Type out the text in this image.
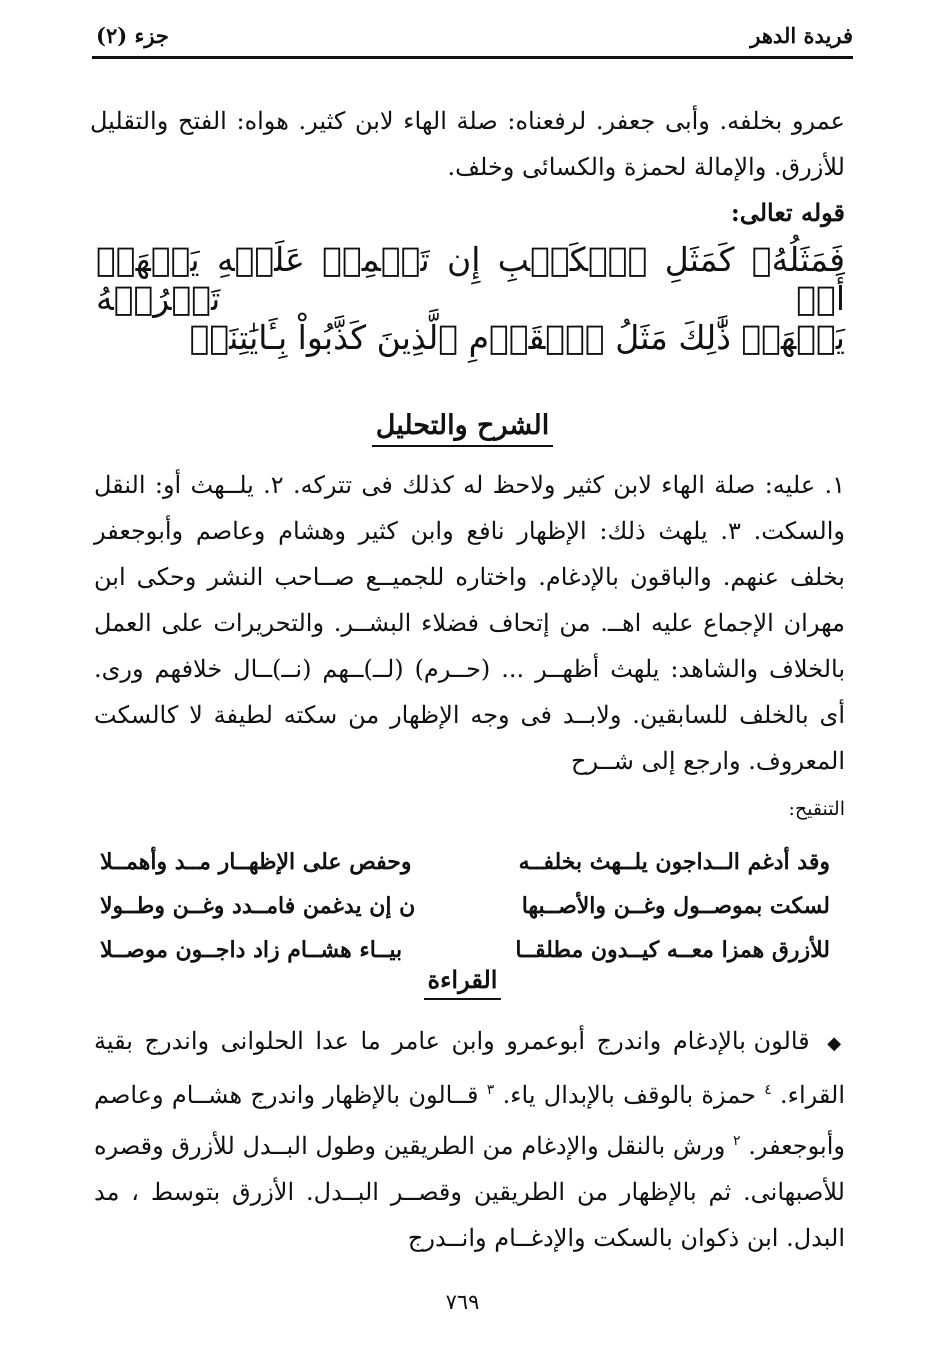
فريدة الدهر
جزء (٢)
عمرو بخلفه. وأبى جعفر. لرفعناه: صلة الهاء لابن كثير. هواه: الفتح والتقليل للأزرق. والإمالة لحمزة والكسائى وخلف.
قوله تعالى:
فَمَثَلُهُۥ كَمَثَلِ ٱلۡكَلۡبِ إِن تَحۡمِلۡ عَلَيۡهِ يَلۡهَثۡ أَوۡ تَتۡرُكۡهُ
يَلۡهَثۚ ذَّٰلِكَ مَثَلُ ٱلۡقَوۡمِ ٱلَّذِينَ كَذَّبُواْ بِـَٔايَٰتِنَاۚ
الشرح والتحليل
١. عليه: صلة الهاء لابن كثير ولاحظ له كذلك فى تتركه. ٢. يلــهث أو: النقل والسكت. ٣. يلهث ذلك: الإظهار نافع وابن كثير وهشام وعاصم وأبوجعفر بخلف عنهم. والباقون بالإدغام. واختاره للجميــع صــاحب النشر وحكى ابن مهران الإجماع عليه اهــ. من إتحاف فضلاء البشــر. والتحريرات على العمل بالخلاف والشاهد: يلهث أظهــر ... (حــرم) (لــ)ــهم (نــ)ــال خلافهم ورى. أى بالخلف للسابقين. ولابــد فى وجه الإظهار من سكته لطيفة لا كالسكت المعروف. وارجع إلى شــرح
التنقيح:
وقد أدغم الــداجون يلــهث بخلفــه
وحفص على الإظهــار مــد وأهمــلا
لسكت بموصــول وغــن والأصــبها
ن إن يدغمن فامــدد وغــن وطــولا
للأزرق همزا معــه كيــدون مطلقــا
بيــاء هشــام زاد داجــون موصــلا
القراءة
◆ قالون بالإدغام واندرج أبوعمرو وابن عامر ما عدا الحلوانى واندرج بقية القراء. $^٤$ حمزة بالوقف بالإبدال ياء. $^٣$ قــالون بالإظهار واندرج هشــام وعاصم وأبوجعفر. $^٢$ ورش بالنقل والإدغام من الطريقين وطول البــدل للأزرق وقصره للأصبهانى. ثم بالإظهار من الطريقين وقصــر البــدل. الأزرق بتوسط ، مد البدل. ابن ذكوان بالسكت والإدغــام وانــدرج
٧٦٩
